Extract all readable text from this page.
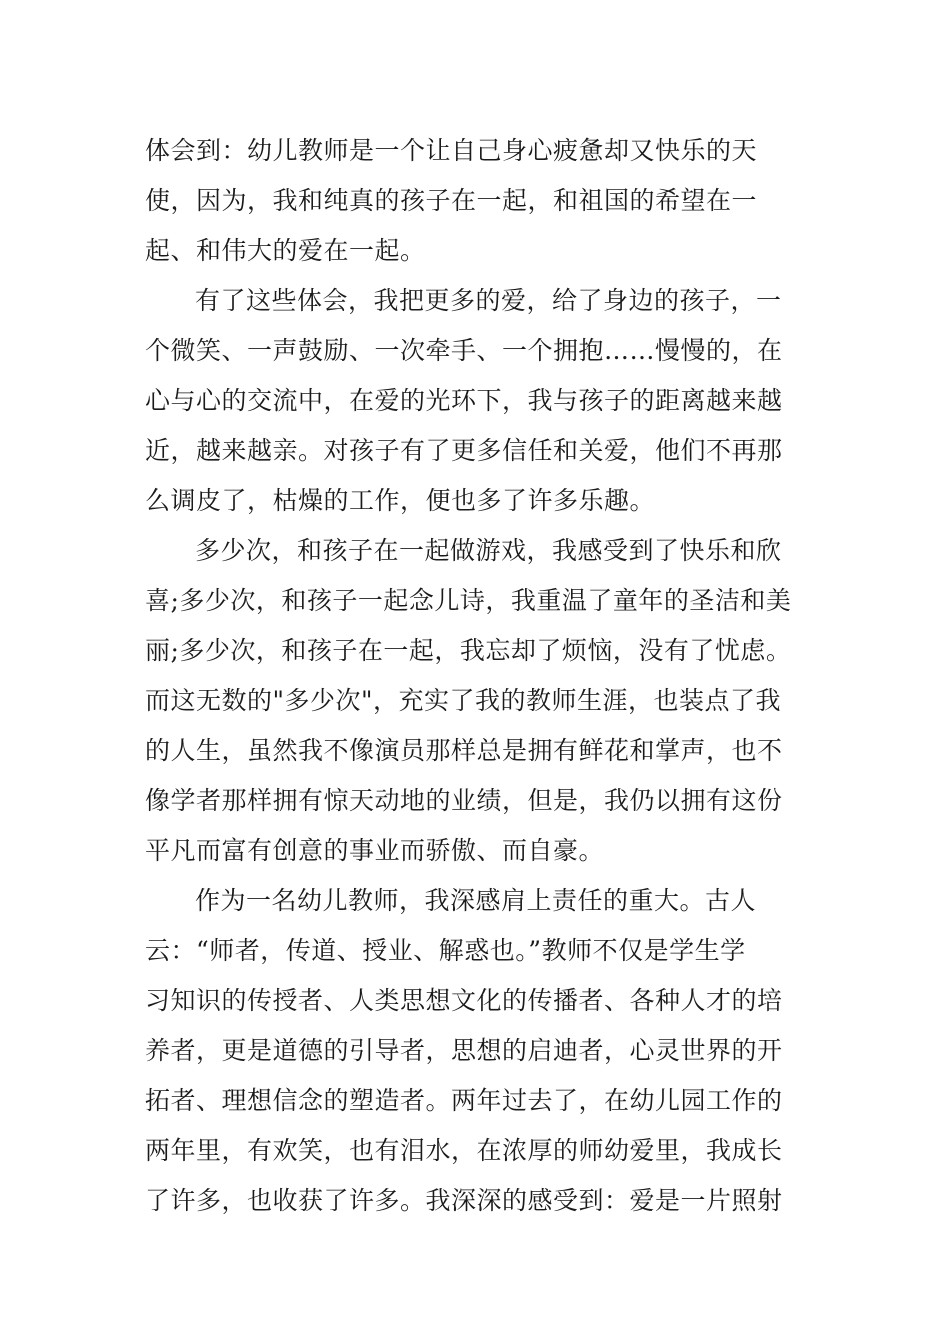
体会到：幼儿教师是一个让自己身心疲惫却又快乐的天
使，因为，我和纯真的孩子在一起，和祖国的希望在一
起、和伟大的爱在一起。
有了这些体会，我把更多的爱，给了身边的孩子，一
个微笑、一声鼓励、一次牵手、一个拥抱……慢慢的，在
心与心的交流中，在爱的光环下，我与孩子的距离越来越
近，越来越亲。对孩子有了更多信任和关爱，他们不再那
么调皮了，枯燥的工作，便也多了许多乐趣。
多少次，和孩子在一起做游戏，我感受到了快乐和欣
喜;多少次，和孩子一起念儿诗，我重温了童年的圣洁和美
丽;多少次，和孩子在一起，我忘却了烦恼，没有了忧虑。
而这无数的"多少次"，充实了我的教师生涯，也装点了我
的人生，虽然我不像演员那样总是拥有鲜花和掌声，也不
像学者那样拥有惊天动地的业绩，但是，我仍以拥有这份
平凡而富有创意的事业而骄傲、而自豪。
作为一名幼儿教师，我深感肩上责任的重大。古人
云：“师者，传道、授业、解惑也。”教师不仅是学生学
习知识的传授者、人类思想文化的传播者、各种人才的培
养者，更是道德的引导者，思想的启迪者，心灵世界的开
拓者、理想信念的塑造者。两年过去了，在幼儿园工作的
两年里，有欢笑，也有泪水，在浓厚的师幼爱里，我成长
了许多，也收获了许多。我深深的感受到：爱是一片照射
